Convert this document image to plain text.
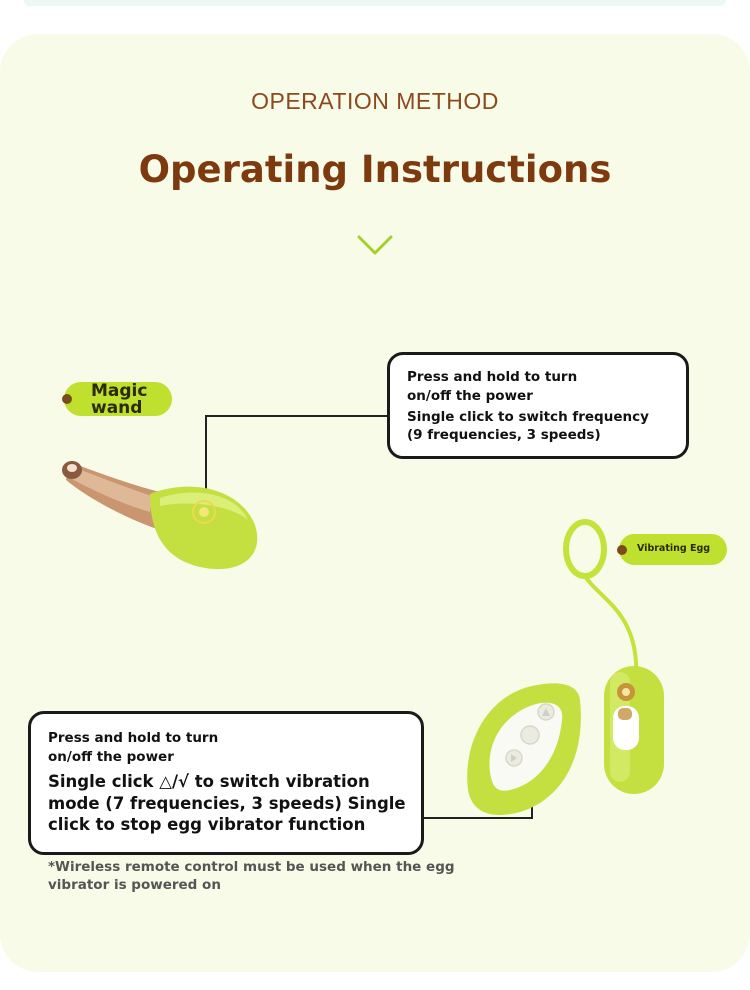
OPERATION METHOD
Operating Instructions
Magic
wand
Vibrating Egg
Press and hold to turn
on/off the power
Single click to switch frequency
(9 frequencies, 3 speeds)
Press and hold to turn
on/off the power
Single click △/√ to switch vibration
mode (7 frequencies, 3 speeds) Single
click to stop egg vibrator function
*Wireless remote control must be used when the egg
vibrator is powered on
